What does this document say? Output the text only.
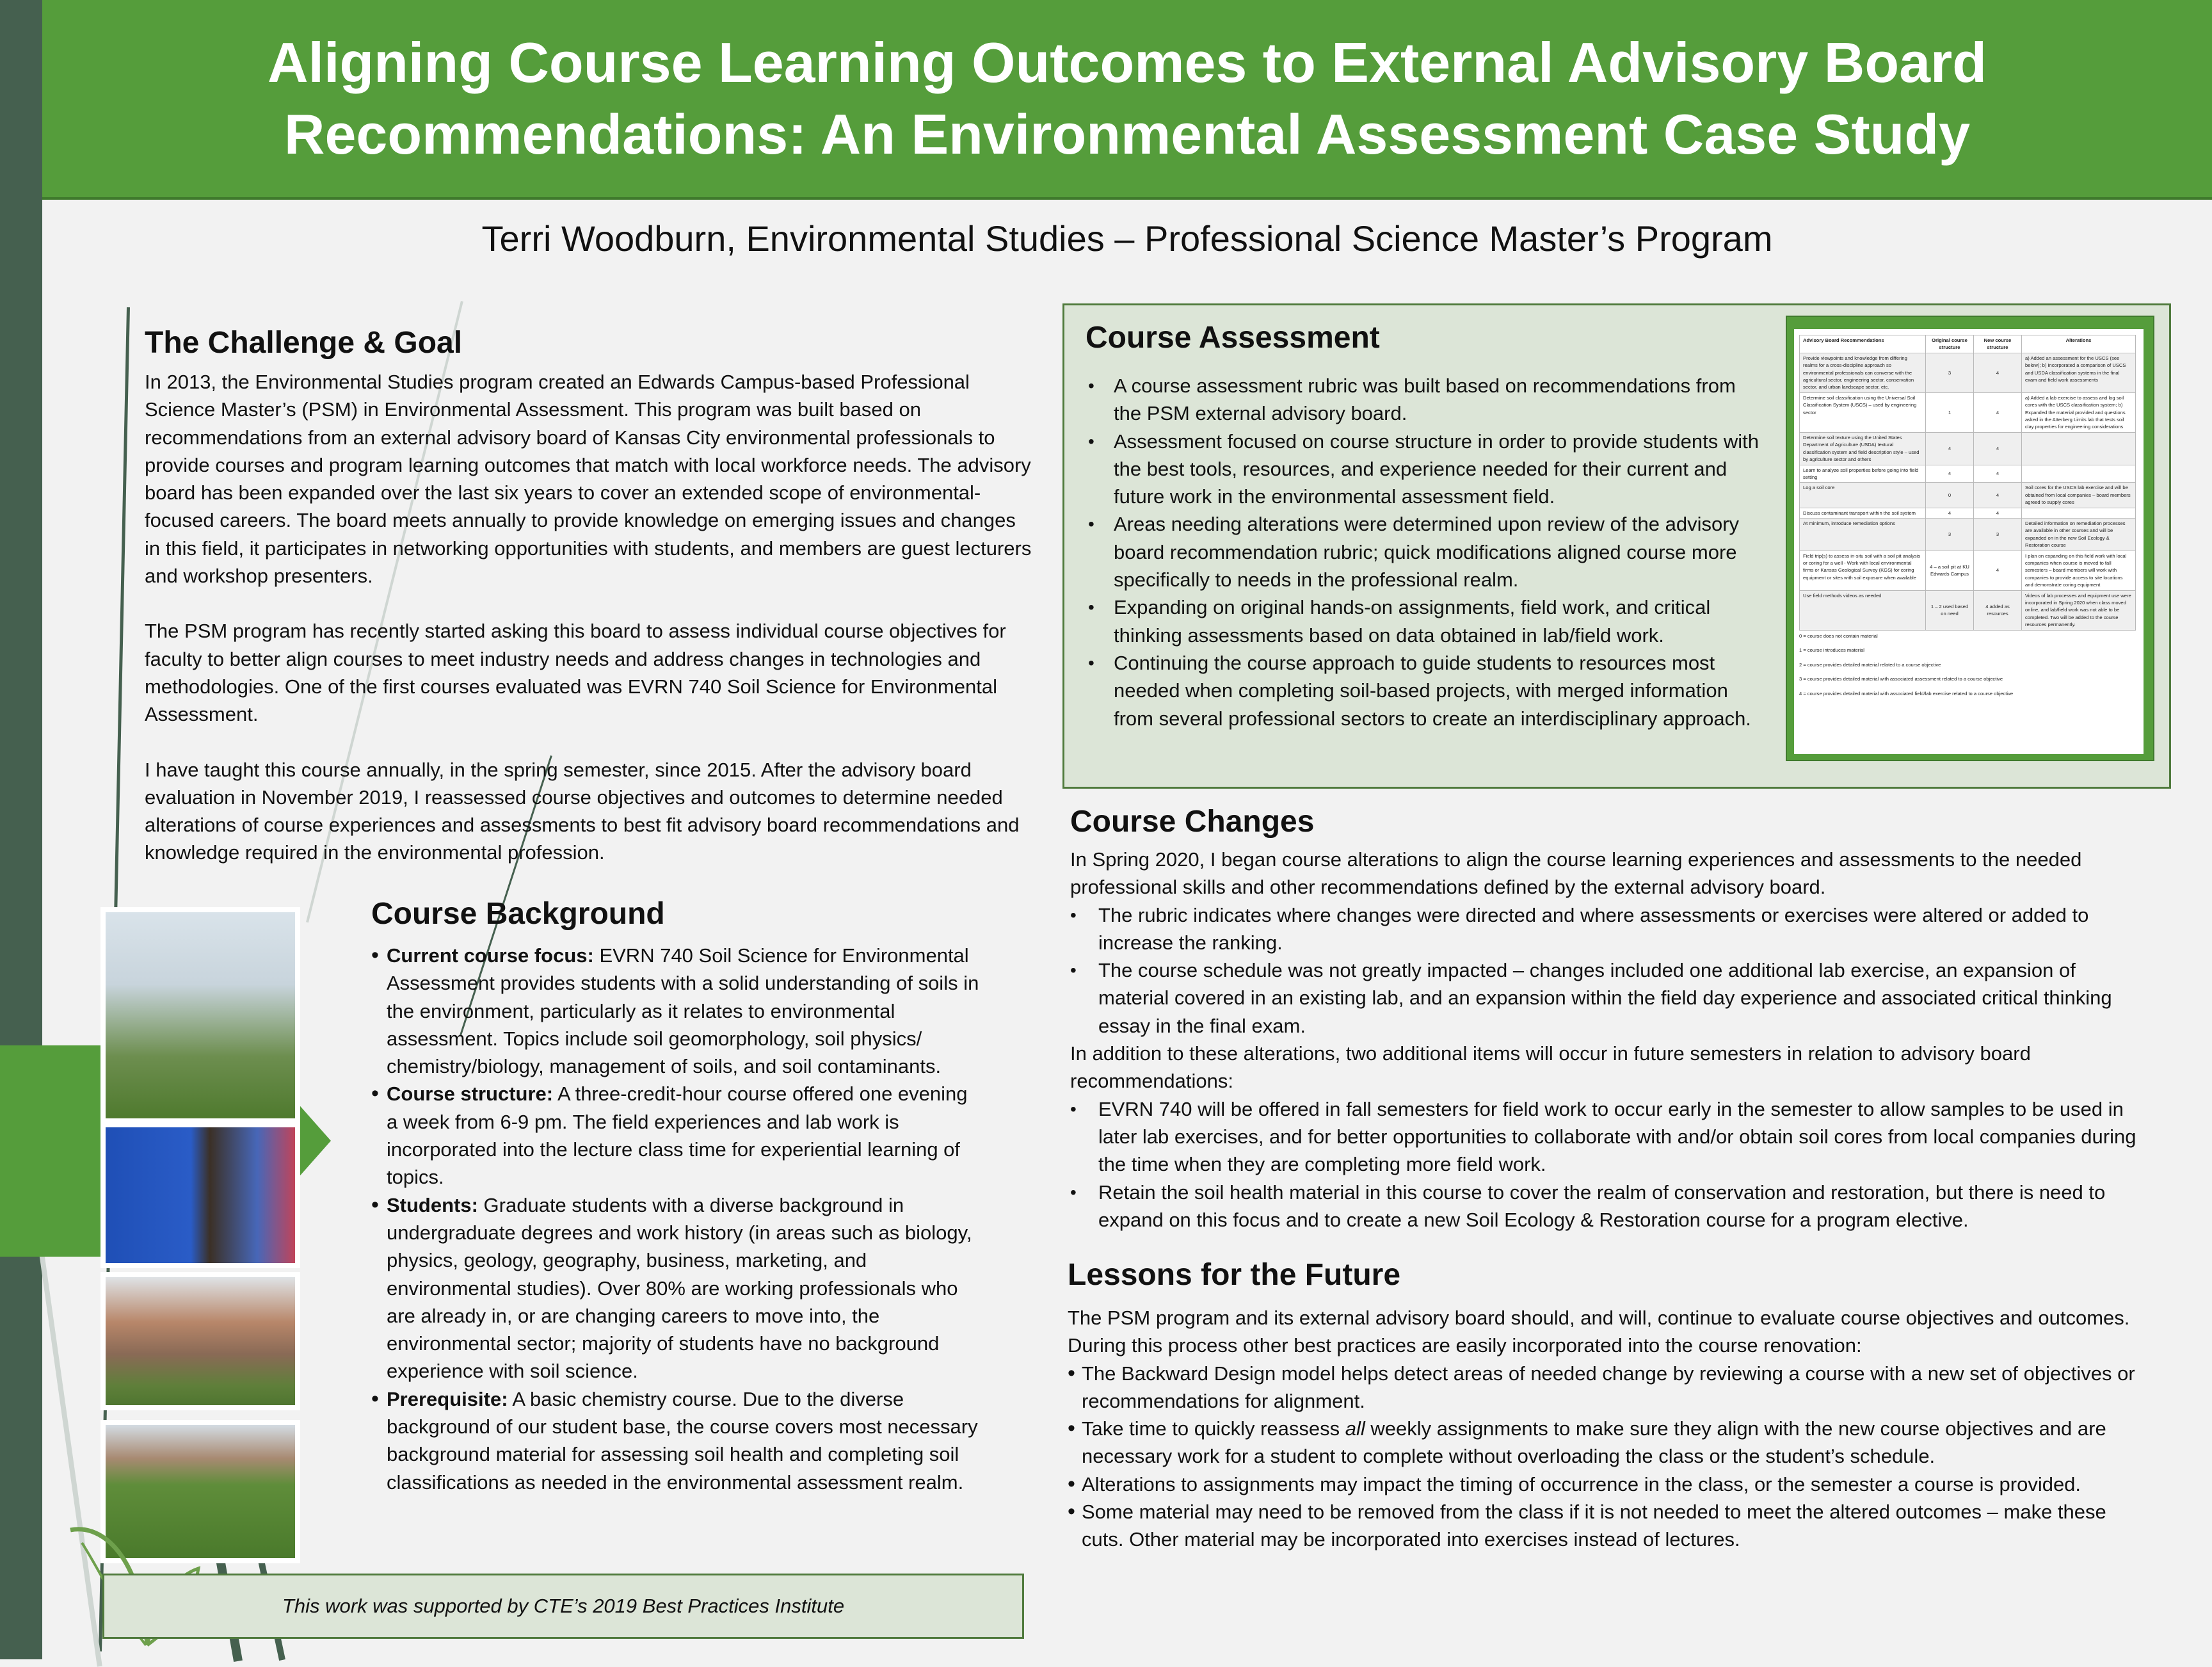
Aligning Course Learning Outcomes to External Advisory Board
Recommendations: An Environmental Assessment Case Study
Terri Woodburn, Environmental Studies – Professional Science Master’s Program
The Challenge & Goal

In 2013, the Environmental Studies program created an Edwards Campus-based Professional Science Master’s (PSM) in Environmental Assessment. This program was built based on recommendations from an external advisory board of Kansas City environmental professionals to provide courses and program learning outcomes that match with local workforce needs. The advisory board has been expanded over the last six years to cover an extended scope of environmental-focused careers. The board meets annually to provide knowledge on emerging issues and changes in this field, it participates in networking opportunities with students, and members are guest lecturers and workshop presenters.

The PSM program has recently started asking this board to assess individual course objectives for faculty to better align courses to meet industry needs and address changes in technologies and methodologies. One of the first courses evaluated was EVRN 740 Soil Science for Environmental Assessment.

I have taught this course annually, in the spring semester, since 2015. After the advisory board evaluation in November 2019, I reassessed course objectives and outcomes to determine needed alterations of course experiences and assessments to best fit advisory board recommendations and knowledge required in the environmental profession.

Course Background
• Current course focus: EVRN 740 Soil Science for Environmental Assessment provides students with a solid understanding of soils in the environment, particularly as it relates to environmental assessment. Topics include soil geomorphology, soil physics/ chemistry/biology, management of soils, and soil contaminants.
• Course structure: A three-credit-hour course offered one evening a week from 6-9 pm. The field experiences and lab work is incorporated into the lecture class time for experiential learning of topics.
• Students: Graduate students with a diverse background in undergraduate degrees and work history (in areas such as biology, physics, geology, geography, business, marketing, and environmental studies). Over 80% are working professionals who are already in, or are changing careers to move into, the environmental sector; majority of students have no background experience with soil science.
• Prerequisite: A basic chemistry course. Due to the diverse background of our student base, the course covers most necessary background material for assessing soil health and completing soil classifications as needed in the environmental assessment realm.
This work was supported by CTE’s 2019 Best Practices Institute
Course Assessment
• A course assessment rubric was built based on recommendations from the PSM external advisory board.
• Assessment focused on course structure in order to provide students with the best tools, resources, and experience needed for their current and future work in the environmental assessment field.
• Areas needing alterations were determined upon review of the advisory board recommendation rubric; quick modifications aligned course more specifically to needs in the professional realm.
• Expanding on original hands-on assignments, field work, and critical thinking assessments based on data obtained in lab/field work.
• Continuing the course approach to guide students to resources most needed when completing soil-based projects, with merged information from several professional sectors to create an interdisciplinary approach.
Advisory Board Recommendations	Original course structure	New course structure	Alterations
Provide viewpoints and knowledge from differing realms for a cross-discipline approach so environmental professionals can converse with the agricultural sector, engineering sector, conservation sector, and urban landscape sector, etc.	3	4	a) Added an assessment for the USCS (see below); b) Incorporated a comparison of USCS and USDA classification systems in the final exam and field work assessments
Determine soil classification using the Universal Soil Classification System (USCS) – used by engineering sector	1	4	a) Added a lab exercise to assess and log soil cores with the USCS classification system; b) Expanded the material provided and questions asked in the Atterberg Limits lab that tests soil clay properties for engineering considerations
Determine soil texture using the United States Department of Agriculture (USDA) textural classification system and field description style – used by agriculture sector and others	4	4	
Learn to analyze soil properties before going into field setting	4	4	
Log a soil core	0	4	Soil cores for the USCS lab exercise and will be obtained from local companies – board members agreed to supply cores
Discuss contaminant transport within the soil system	4	4	
At minimum, introduce remediation options	3	3	Detailed information on remediation processes are available in other courses and will be expanded on in the new Soil Ecology & Restoration course
Field trip(s) to assess in-situ soil with a soil pit analysis or coring for a well - Work with local environmental firms or Kansas Geological Survey (KGS) for coring equipment or sites with soil exposure when available	4 – a soil pit at KU Edwards Campus	4	I plan on expanding on this field work with local companies when course is moved to fall semesters – board members will work with companies to provide access to site locations and demonstrate coring equipment
Use field methods videos as needed	1 – 2 used based on need	4 added as resources	Videos of lab processes and equipment use were incorporated in Spring 2020 when class moved online, and lab/field work was not able to be completed. Two will be added to the course resources permanently.

0 = course does not contain material

1 = course introduces material

2 = course provides detailed material related to a course objective

3 = course provides detailed material with associated assessment related to a course objective

4 = course provides detailed material with associated field/lab exercise related to a course objective

Course Changes

In Spring 2020, I began course alterations to align the course learning experiences and assessments to the needed professional skills and other recommendations defined by the external advisory board.

• The rubric indicates where changes were directed and where assessments or exercises were altered or added to increase the ranking.
• The course schedule was not greatly impacted – changes included one additional lab exercise, an expansion of material covered in an existing lab, and an expansion within the field day experience and associated critical thinking essay in the final exam.

In addition to these alterations, two additional items will occur in future semesters in relation to advisory board recommendations:

• EVRN 740 will be offered in fall semesters for field work to occur early in the semester to allow samples to be used in later lab exercises, and for better opportunities to collaborate with and/or obtain soil cores from local companies during the time when they are completing more field work.
• Retain the soil health material in this course to cover the realm of conservation and restoration, but there is need to expand on this focus and to create a new Soil Ecology & Restoration course for a program elective.
Lessons for the Future

The PSM program and its external advisory board should, and will, continue to evaluate course objectives and outcomes. During this process other best practices are easily incorporated into the course renovation:

• The Backward Design model helps detect areas of needed change by reviewing a course with a new set of objectives or recommendations for alignment.
• Take time to quickly reassess all weekly assignments to make sure they align with the new course objectives and are necessary work for a student to complete without overloading the class or the student’s schedule.
• Alterations to assignments may impact the timing of occurrence in the class, or the semester a course is provided.
• Some material may need to be removed from the class if it is not needed to meet the altered outcomes – make these cuts. Other material may be incorporated into exercises instead of lectures.
